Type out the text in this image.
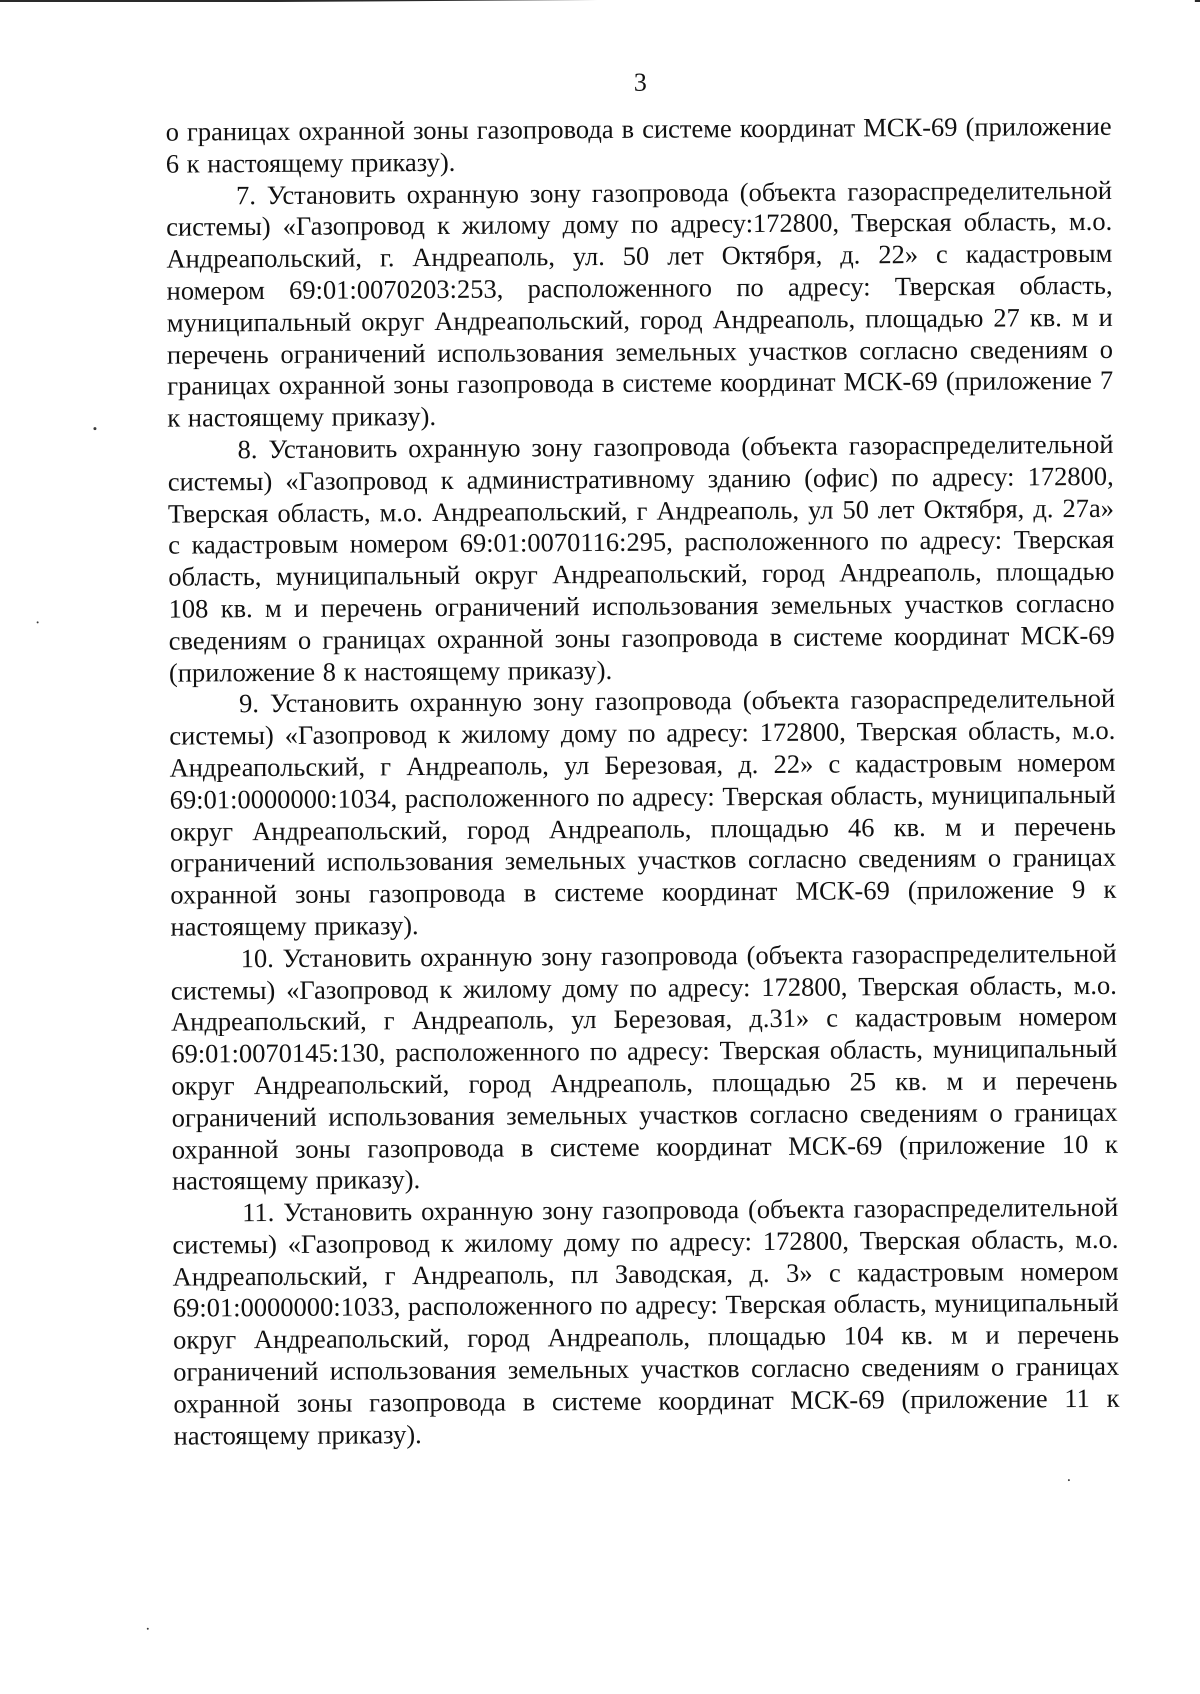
3

о границах охранной зоны газопровода в системе координат МСК-69 (приложение 6 к настоящему приказу).

7. Установить охранную зону газопровода (объекта газораспределительной системы) «Газопровод к жилому дому по адресу:172800, Тверская область, м.о. Андреапольский, г. Андреаполь, ул. 50 лет Октября, д. 22» с кадастровым номером 69:01:0070203:253, расположенного по адресу: Тверская область, муниципальный округ Андреапольский, город Андреаполь, площадью 27 кв. м и перечень ограничений использования земельных участков согласно сведениям о границах охранной зоны газопровода в системе координат МСК-69 (приложение 7 к настоящему приказу).

8. Установить охранную зону газопровода (объекта газораспределительной системы) «Газопровод к административному зданию (офис) по адресу: 172800, Тверская область, м.о. Андреапольский, г Андреаполь, ул 50 лет Октября, д. 27а» с кадастровым номером 69:01:0070116:295, расположенного по адресу: Тверская область, муниципальный округ Андреапольский, город Андреаполь, площадью 108 кв. м и перечень ограничений использования земельных участков согласно сведениям о границах охранной зоны газопровода в системе координат МСК-69 (приложение 8 к настоящему приказу).

9. Установить охранную зону газопровода (объекта газораспределительной системы) «Газопровод к жилому дому по адресу: 172800, Тверская область, м.о. Андреапольский, г Андреаполь, ул Березовая, д. 22» с кадастровым номером 69:01:0000000:1034, расположенного по адресу: Тверская область, муниципальный округ Андреапольский, город Андреаполь, площадью 46 кв. м и перечень ограничений использования земельных участков согласно сведениям о границах охранной зоны газопровода в системе координат МСК-69 (приложение 9 к настоящему приказу).

10. Установить охранную зону газопровода (объекта газораспределительной системы) «Газопровод к жилому дому по адресу: 172800, Тверская область, м.о. Андреапольский, г Андреаполь, ул Березовая, д.31» с кадастровым номером 69:01:0070145:130, расположенного по адресу: Тверская область, муниципальный округ Андреапольский, город Андреаполь, площадью 25 кв. м и перечень ограничений использования земельных участков согласно сведениям о границах охранной зоны газопровода в системе координат МСК-69 (приложение 10 к настоящему приказу).

11. Установить охранную зону газопровода (объекта газораспределительной системы) «Газопровод к жилому дому по адресу: 172800, Тверская область, м.о. Андреапольский, г Андреаполь, пл Заводская, д. 3» с кадастровым номером 69:01:0000000:1033, расположенного по адресу: Тверская область, муниципальный округ Андреапольский, город Андреаполь, площадью 104 кв. м и перечень ограничений использования земельных участков согласно сведениям о границах охранной зоны газопровода в системе координат МСК-69 (приложение 11 к настоящему приказу).
